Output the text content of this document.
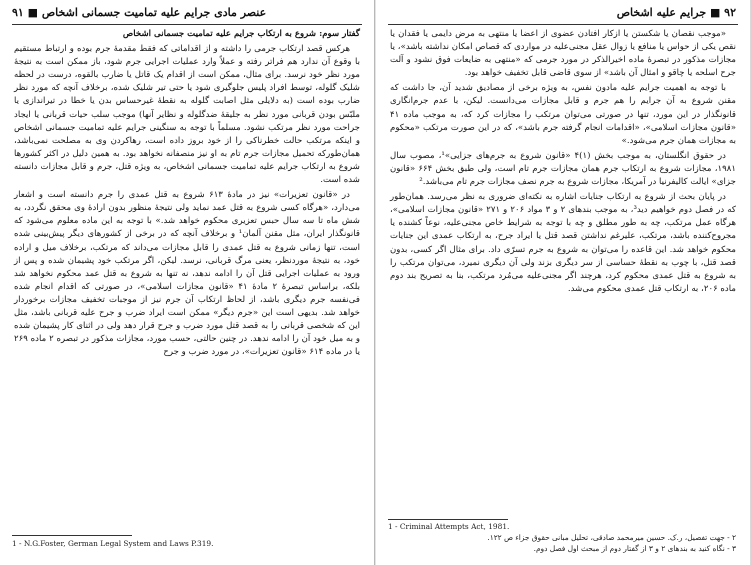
عنصر مادی جرایم علیه تمامیت جسمانی اشخاص ■ ۹۱

گفتار سوم: شروع به ارتکاب جرایم علیه تمامیت جسمانی اشخاص

هرکس قصد ارتکاب جرمی را داشته و از اقداماتی که فقط مقدمهٔ جرم بوده و ارتباط مستقیم با وقوع آن ندارد هم فراتر رفته و عملاً وارد عملیات اجرایی جرم شود، باز ممکن است به نتیجهٔ مورد نظر خود نرسد. برای مثال، ممکن است از اقدام یک قاتل یا ضارب بالقوه، درست در لحظه شلیک گلوله، توسط افراد پلیس جلوگیری شود یا حتی تیر شلیک شده، برخلاف آنچه که مورد نظر ضارب بوده است (به دلایلی مثل اصابت گلوله به نقطهٔ غیرحساس بدن یا خطا در تیراندازی یا ملبّس بودن قربانی مورد نظر به جلیقهٔ ضدگلوله و نظایر آنها) موجب سلب حیات قربانی یا ایجاد جراحت مورد نظر مرتکب نشود. مسلماً با توجه به سنگینی جرایم علیه تمامیت جسمانی اشخاص و اینکه مرتکب حالت خطرناکی را از خود بروز داده است، رهاکردن وی به مصلحت نمی‌باشد، همان‌طورکه تحمیل مجازات جرم تام به او نیز منصفانه نخواهد بود. به همین دلیل در اکثر کشورها شروع به ارتکاب جرایم علیه تمامیت جسمانی اشخاص، به ویژه قتل، جرم و قابل مجازات دانسته شده است.

در «قانون تعزیرات» نیز در مادهٔ ۶۱۳ شروع به قتل عمدی را جرم دانسته است و اشعار می‌دارد، «هرگاه کسی شروع به قتل عمد نماید ولی نتیجهٔ منظور بدون ارادهٔ وی محقق نگردد، به شش ماه تا سه سال حبس تعزیری محکوم خواهد شد.» با توجه به این ماده معلوم می‌شود که قانونگذار ایران، مثل مقنن آلمان¹ و برخلاف آنچه که در برخی از کشورهای دیگر پیش‌بینی شده است، تنها زمانی شروع به قتل عمدی را قابل مجازات می‌داند که مرتکب، برخلاف میل و اراده خود، به نتیجهٔ موردنظر، یعنی مرگ قربانی، نرسد. لیکن، اگر مرتکب خود پشیمان شده و پس از ورود به عملیات اجرایی قتل آن را ادامه ندهد، نه تنها به شروع به قتل عمد محکوم نخواهد شد بلکه، براساس تبصرهٔ ۲ مادهٔ ۴۱ «قانون مجازات اسلامی»، در صورتی که اقدام انجام شده فی‌نفسه جرم دیگری باشد، از لحاظ ارتکاب آن جرم نیز از موجبات تخفیف مجازات برخوردار خواهد شد. بدیهی است این «جرم دیگر» ممکن است ایراد ضرب و جرح علیه قربانی باشد، مثل این که شخصی قربانی را به قصد قتل مورد ضرب و جرح قرار دهد ولی در اثنای کار پشیمان شده و به میل خود آن را ادامه ندهد. در چنین حالتی، حسب مورد، مجازات مذکور در تبصره ۲ ماده ۲۶۹ یا در ماده ۶۱۴ «قانون تعزیرات»، در مورد ضرب و جرح

1 - N.G.Foster, German Legal System and Laws P.319.
۹۲ ■ جرایم علیه اشخاص

«موجب نقصان یا شکستن یا ازکار افتادن عضوی از اعضا یا منتهی به مرض دایمی یا فقدان یا نقص یکی از حواس یا منافع یا زوال عقل مجنی‌علیه در مواردی که قصاص امکان نداشته باشد»، یا مجازات مذکور در تبصرهٔ ماده اخیرالذکر در مورد جرمی که «منتهی به ضایعات فوق نشود و آلت جرح اسلحه یا چاقو و امثال آن باشد» از سوی قاضی قابل تخفیف خواهد بود.

با توجه به اهمیت جرایم علیه مادون نفس، به ویژه برخی از مصادیق شدید آن، جا داشت که مقنن شروع به آن جرایم را هم جرم و قابل مجازات می‌دانست. لیکن، با عدم جرم‌انگاری قانونگذار در این مورد، تنها در صورتی می‌توان مرتکب را مجازات کرد که، به موجب ماده ۴۱ «قانون مجازات اسلامی»، «اقدامات انجام گرفته جرم باشد»، که در این صورت مرتکب «محکوم به مجازات همان جرم می‌شود.»

در حقوق انگلستان، به موجب بخش (۱)۴ «قانون شروع به جرم‌های جزایی»¹، مصوب سال ۱۹۸۱، مجازات شروع به ارتکاب جرم همان مجازات جرم تام است، ولی طبق بخش ۶۶۴ «قانون جزای» ایالت کالیفرنیا در آمریکا، مجازات شروع به جرم نصف مجازات جرم تام می‌باشد.²

در پایان بحث از شروع به ارتکاب جنایات اشاره به نکته‌ای ضروری به نظر می‌رسد. همان‌طور که در فصل دوم خواهیم دید³، به موجب بندهای ۲ و ۳ مواد ۲۰۶ و ۲۷۱ «قانون مجازات اسلامی»، هرگاه عمل مرتکب، چه به طور مطلق و چه با توجه به شرایط خاص مجنی‌علیه، نوعاً کشنده یا مجروح‌کننده باشد، مرتکب، علیرغم نداشتن قصد قتل یا ایراد جرح، به ارتکاب عمدی این جنایات محکوم خواهد شد. این قاعده را می‌توان به شروع به جرم تسرّی داد. برای مثال اگر کسی، بدون قصد قتل، با چوب به نقطهٔ حساسی از سر دیگری بزند ولی آن دیگری نمیرد، می‌توان مرتکب را به شروع به قتل عمدی محکوم کرد، هرچند اگر مجنی‌علیه می‌مُرد مرتکب، بنا به تصریح بند دوم ماده ۲۰۶، به ارتکاب قتل عمدی محکوم می‌شد.

1 - Criminal Attempts Act, 1981.
۲ - جهت تفصیل، ر.ک. حسین میرمحمد صادقی، تحلیل مبانی حقوق جزاء ص ۱۲۲.
۳ - نگاه کنید به بندهای ۲ و ۳ از گفتار دوم از مبحث اول فصل دوم.
